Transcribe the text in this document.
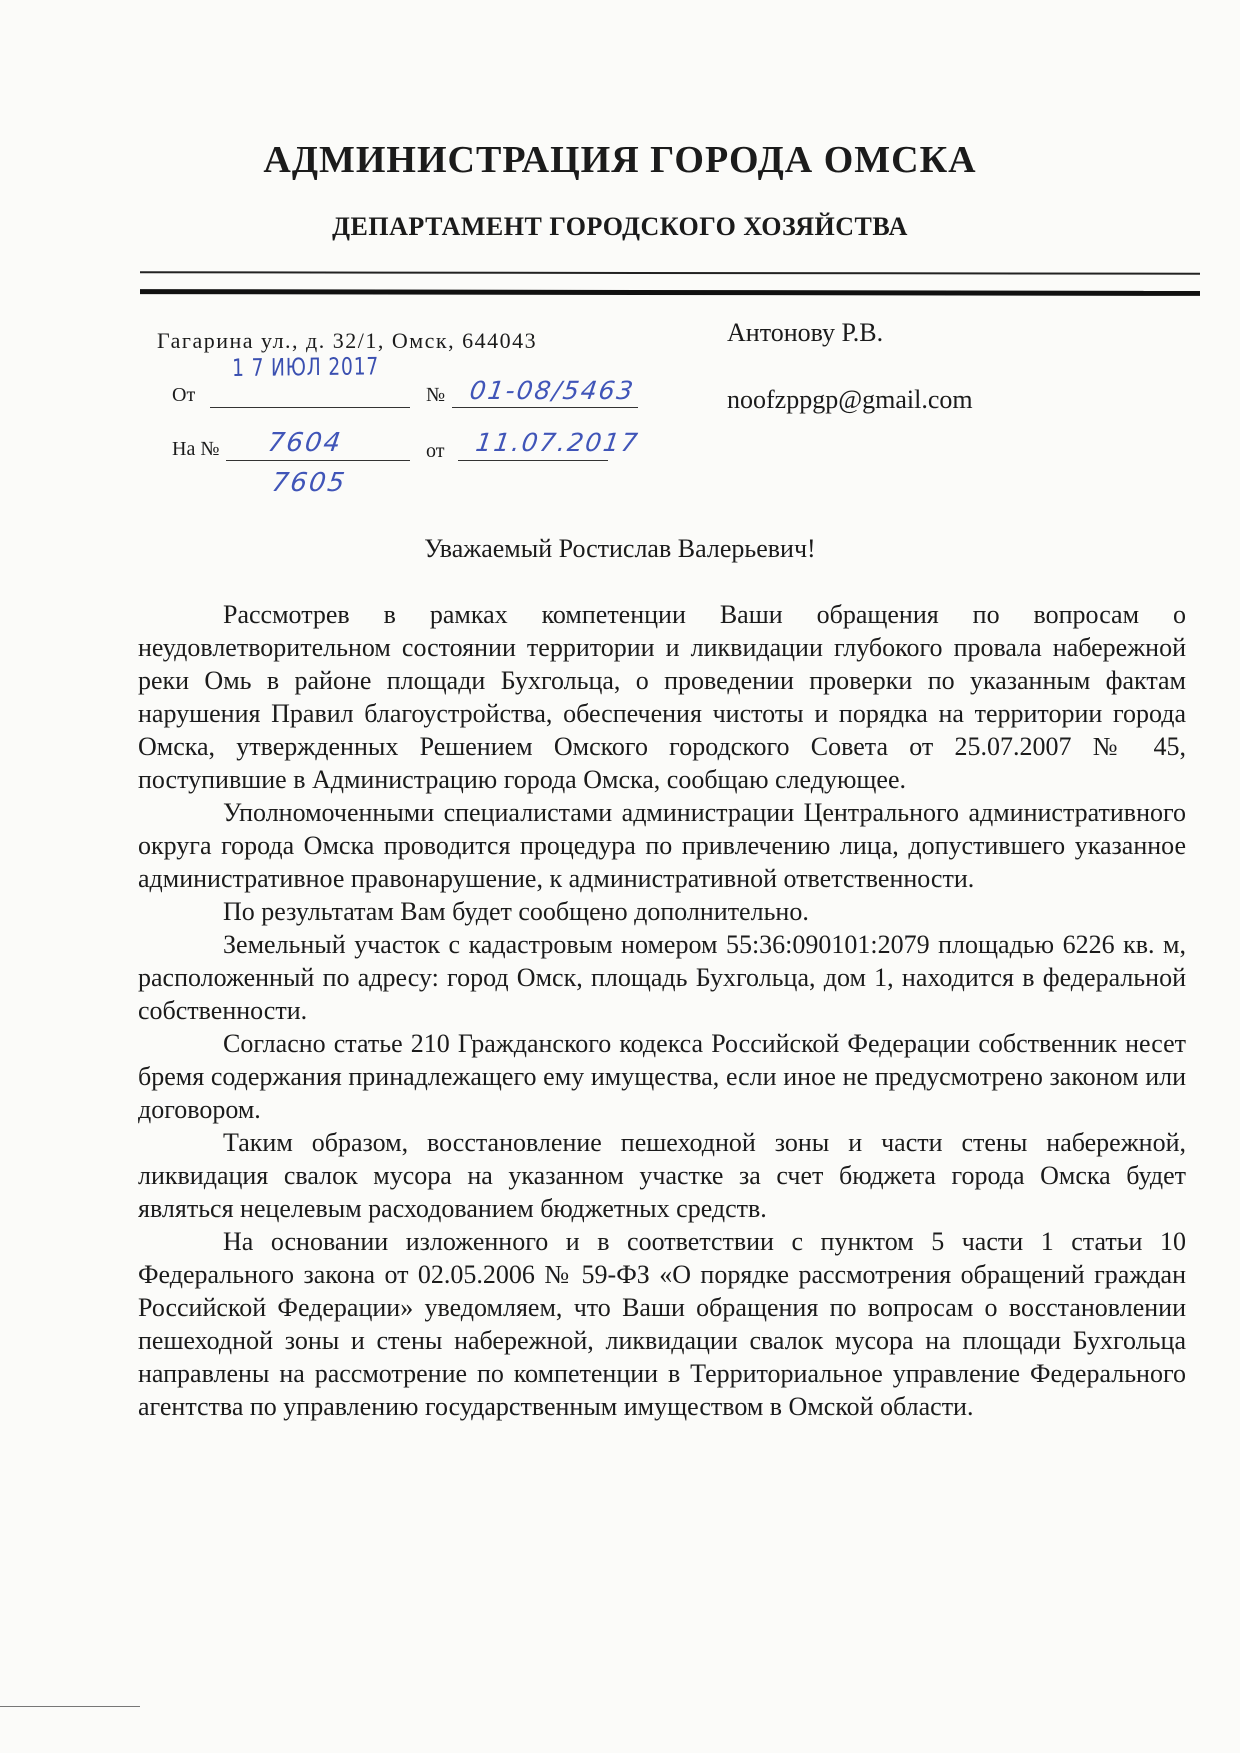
АДМИНИСТРАЦИЯ ГОРОДА ОМСКА
ДЕПАРТАМЕНТ ГОРОДСКОГО ХОЗЯЙСТВА
Гагарина ул., д. 32/1, Омск, 644043
1 7 ИЮЛ 2017
От	№ 01-08/5463
На № 7604
7605
от 11.07.2017
Антонову Р.В.
noofzppgp@gmail.com
Уважаемый Ростислав Валерьевич!

Рассмотрев в рамках компетенции Ваши обращения по вопросам о неудовлетворительном состоянии территории и ликвидации глубокого провала набережной реки Омь в районе площади Бухгольца, о проведении проверки по указанным фактам нарушения Правил благоустройства, обеспечения чистоты и порядка на территории города Омска, утвержденных Решением Омского городского Совета от 25.07.2007 № 45, поступившие в Администрацию города Омска, сообщаю следующее.

Уполномоченными специалистами администрации Центрального административного округа города Омска проводится процедура по привлечению лица, допустившего указанное административное правонарушение, к административной ответственности.

По результатам Вам будет сообщено дополнительно.

Земельный участок с кадастровым номером 55:36:090101:2079 площадью 6226 кв. м, расположенный по адресу: город Омск, площадь Бухгольца, дом 1, находится в федеральной собственности.

Согласно статье 210 Гражданского кодекса Российской Федерации собственник несет бремя содержания принадлежащего ему имущества, если иное не предусмотрено законом или договором.

Таким образом, восстановление пешеходной зоны и части стены набережной, ликвидация свалок мусора на указанном участке за счет бюджета города Омска будет являться нецелевым расходованием бюджетных средств.

На основании изложенного и в соответствии с пунктом 5 части 1 статьи 10 Федерального закона от 02.05.2006 № 59-ФЗ «О порядке рассмотрения обращений граждан Российской Федерации» уведомляем, что Ваши обращения по вопросам о восстановлении пешеходной зоны и стены набережной, ликвидации свалок мусора на площади Бухгольца направлены на рассмотрение по компетенции в Территориальное управление Федерального агентства по управлению государственным имуществом в Омской области.
